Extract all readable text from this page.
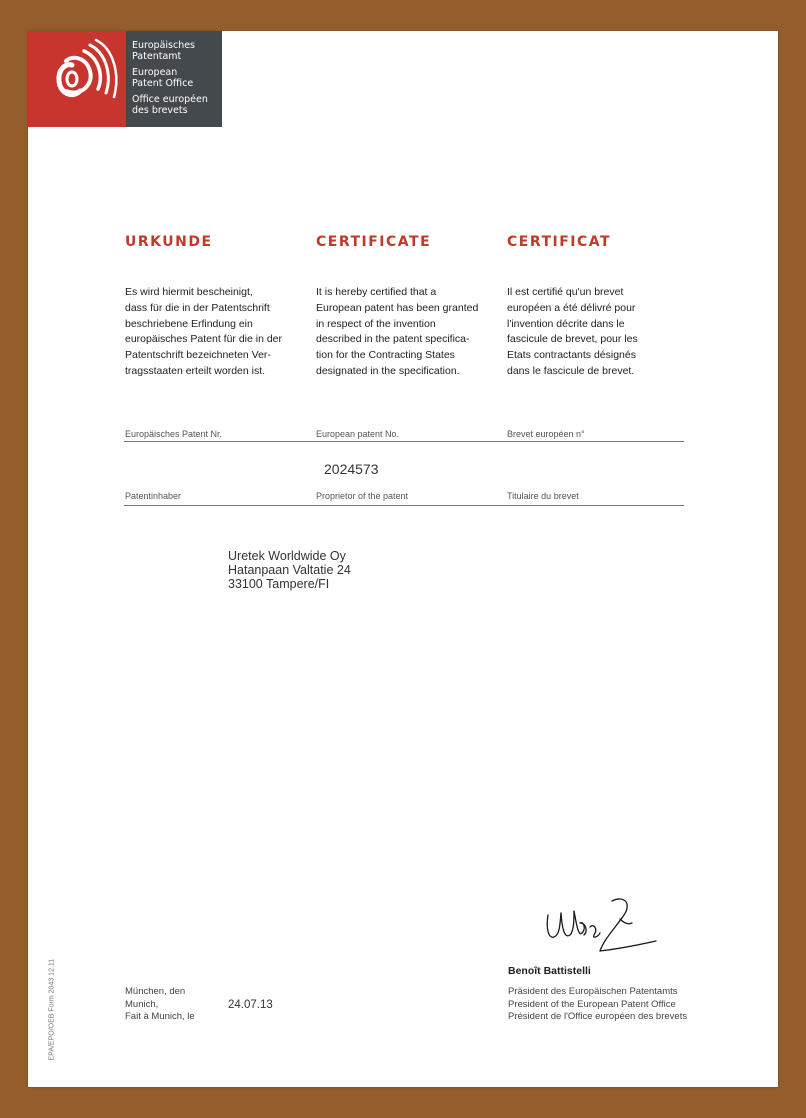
Europäisches
Patentamt
European
Patent Office
Office européen
des brevets
URKUNDE	CERTIFICATE	CERTIFICAT
Es wird hiermit bescheinigt,
dass für die in der Patentschrift
beschriebene Erfindung ein
europäisches Patent für die in der
Patentschrift bezeichneten Ver-
tragsstaaten erteilt worden ist.
It is hereby certified that a
European patent has been granted
in respect of the invention
described in the patent specifica-
tion for the Contracting States
designated in the specification.
Il est certifié qu'un brevet
européen a été délivré pour
l'invention décrite dans le
fascicule de brevet, pour les
Etats contractants désignés
dans le fascicule de brevet.
Europäisches Patent Nr.	European patent No.	Brevet européen n°
2024573
Patentinhaber	Proprietor of the patent	Titulaire du brevet
Uretek Worldwide Oy
Hatanpaan Valtatie 24
33100 Tampere/FI
Benoît Battistelli
Präsident des Europäischen Patentamts
President of the European Patent Office
Président de l'Office européen des brevets
München, den
Munich,
Fait à Munich, le
24.07.13
EPA/EPO/OEB Form 2043 12.11
